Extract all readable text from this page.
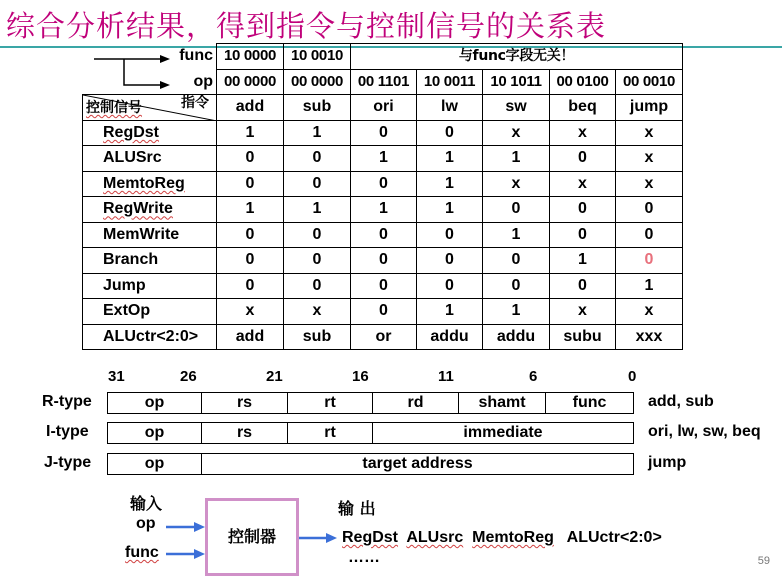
综合分析结果，得到指令与控制信号的关系表
func	10 0000	10 0010	与func字段无关！				
op	00 0000	00 0000	00 1101	10 0011	10 1011	00 0100	00 0010

控制信号 指令	add	sub	ori	lw	sw	beq	jump
RegDst	1	1	0	0	x	x	x
ALUSrc	0	0	1	1	1	0	x
MemtoReg	0	0	0	1	x	x	x
RegWrite	1	1	1	1	0	0	0
MemWrite	0	0	0	0	1	0	0
Branch	0	0	0	0	0	1	0
Jump	0	0	0	0	0	0	1
ExtOp	x	x	0	1	1	x	x
ALUctr<2:0>	add	sub	or	addu	addu	subu	xxx
31	26	21	16	11	6	0
R-type	op	rs	rt	rd	shamt	func	add, sub
I-type	op	rs	rt	immediate	ori, lw, sw, beq
J-type	op	target address	jump
输入
op
func
控制器
输 出
RegDst ALUsrc MemtoReg ALUctr<2:0>
……	59
